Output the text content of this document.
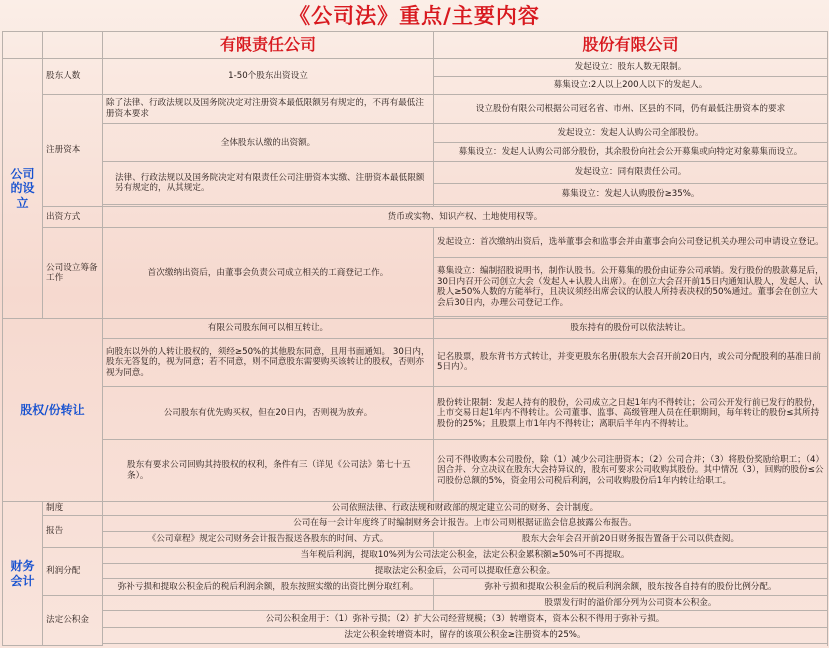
《公司法》重点/主要内容
		有限责任公司	股份有限公司
公司的设立	股东人数	1-50个股东出资设立	发起设立：股东人数无限制。
			募集设立:2人以上200人以下的发起人。
	注册资本	除了法律、行政法规以及国务院决定对注册资本最低限额另有规定的，不再有最低注册资本要求	设立股份有限公司根据公司冠名省、市州、区县的不同，仍有最低注册资本的要求
		全体股东认缴的出资额。	发起设立：发起人认购公司全部股份。
			募集设立：发起人认购公司部分股份，其余股份向社会公开募集或向特定对象募集而设立。
		法律、行政法规以及国务院决定对有限责任公司注册资本实缴、注册资本最低限额另有规定的，从其规定。	发起设立：同有限责任公司。
			募集设立：发起人认购股份≥35%。

	出资方式	货币或实物、知识产权、土地使用权等。	
	公司设立筹备工作	首次缴纳出资后，由董事会负责公司成立相关的工商登记工作。	发起设立：首次缴纳出资后，选举董事会和监事会并由董事会向公司登记机关办理公司申请设立登记。
			募集设立：编制招股说明书，制作认股书。公开募集的股份由证券公司承销。发行股份的股款募足后，30日内召开公司创立大会（发起人+认股人出席）。在创立大会召开前15日内通知认股人，发起人、认股人≥50%人数的方能举行，且决议须经出席会议的认股人所持表决权的50%通过。董事会在创立大会后30日内，办理公司登记工作。

股权/份转让		有限公司股东间可以相互转让。	股东持有的股份可以依法转让。
		向股东以外的人转让股权的，须经≥50%的其他股东同意，且用书面通知。 30日内，股东无答复的，视为同意；若不同意，则不同意股东需要购买该转让的股权，否则亦视为同意。	记名股票，股东背书方式转让，并变更股东名册(股东大会召开前20日内，或公司分配股利的基准日前5日内）。
		公司股东有优先购买权，但在20日内，否则视为放弃。	股份转让限制：发起人持有的股份，公司成立之日起1年内不得转让；公司公开发行前已发行的股份，上市交易日起1年内不得转让。公司董事、监事、高级管理人员在任职期间，每年转让的股份≤其所持股份的25%；且股票上市1年内不得转让；离职后半年内不得转让。
		股东有要求公司回购其持股权的权利，条件有三（详见《公司法》第七十五条）。	公司不得收购本公司股份，除（1）减少公司注册资本；（2）公司合并；（3）将股份奖励给职工；（4）因合并、分立决议在股东大会持异议的，股东可要求公司收购其股份。其中情况（3），回购的股份≤公司股份总额的5%，资金用公司税后利润，公司收购股份后1年内转让给职工。
财务会计	制度	公司依照法律、行政法规和财政部的规定建立公司的财务、会计制度。	
	报告	公司在每一会计年度终了时编制财务会计报告。上市公司则根据证监会信息披露公布报告。	
		《公司章程》规定公司财务会计报告报送各股东的时间、方式。	股东大会年会召开前20日财务报告置备于公司以供查阅。
	利润分配	当年税后利润，提取10%列为公司法定公积金，法定公积金累积额≥50%可不再提取。	
		提取法定公积金后，公司可以提取任意公积金。	
		弥补亏损和提取公积金后的税后利润余额，股东按照实缴的出资比例分取红利。	弥补亏损和提取公积金后的税后利润余额，股东按各自持有的股份比例分配。
	法定公积金		股票发行时的溢价部分列为公司资本公积金。
		公司公积金用于：（1）弥补亏损；（2）扩大公司经营规模；（3）转增资本，资本公积不得用于弥补亏损。	
		法定公积金转增资本时，留存的该项公积金≥注册资本的25%。	
